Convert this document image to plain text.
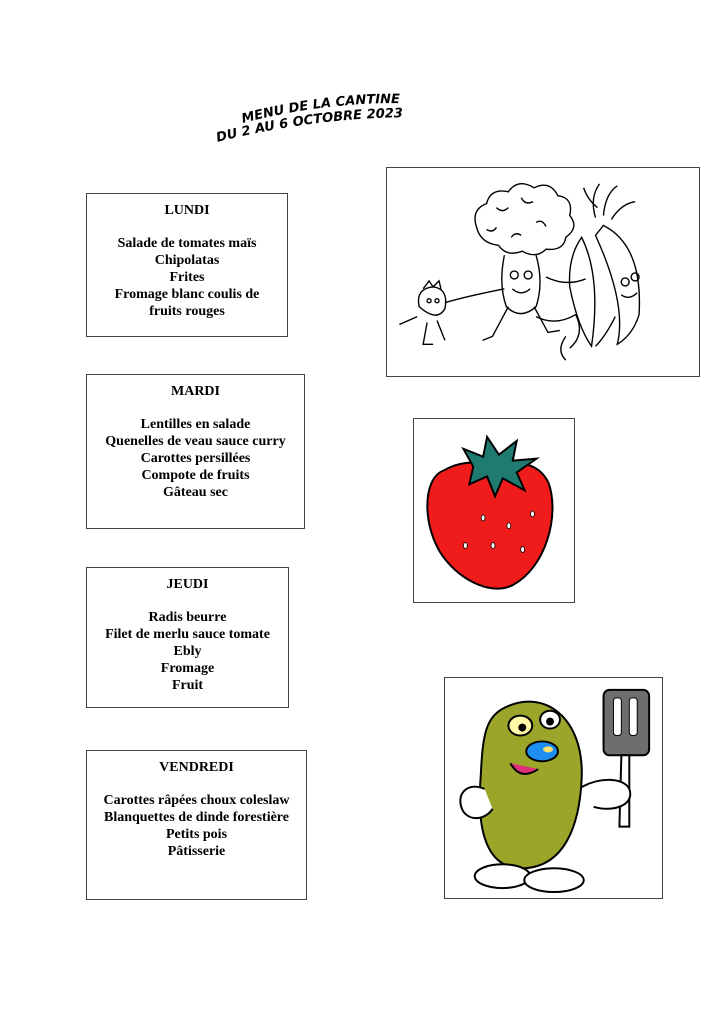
MENU DE LA CANTINE
DU 2 AU 6 OCTOBRE 2023
LUNDI
Salade de tomates maïs
Chipolatas
Frites
Fromage blanc coulis de
fruits rouges
MARDI
Lentilles en salade
Quenelles de veau sauce curry
Carottes persillées
Compote de fruits
Gâteau sec
JEUDI
Radis beurre
Filet de merlu sauce tomate
Ebly
Fromage
Fruit
VENDREDI
Carottes râpées choux coleslaw
Blanquettes de dinde forestière
Petits pois
Pâtisserie
